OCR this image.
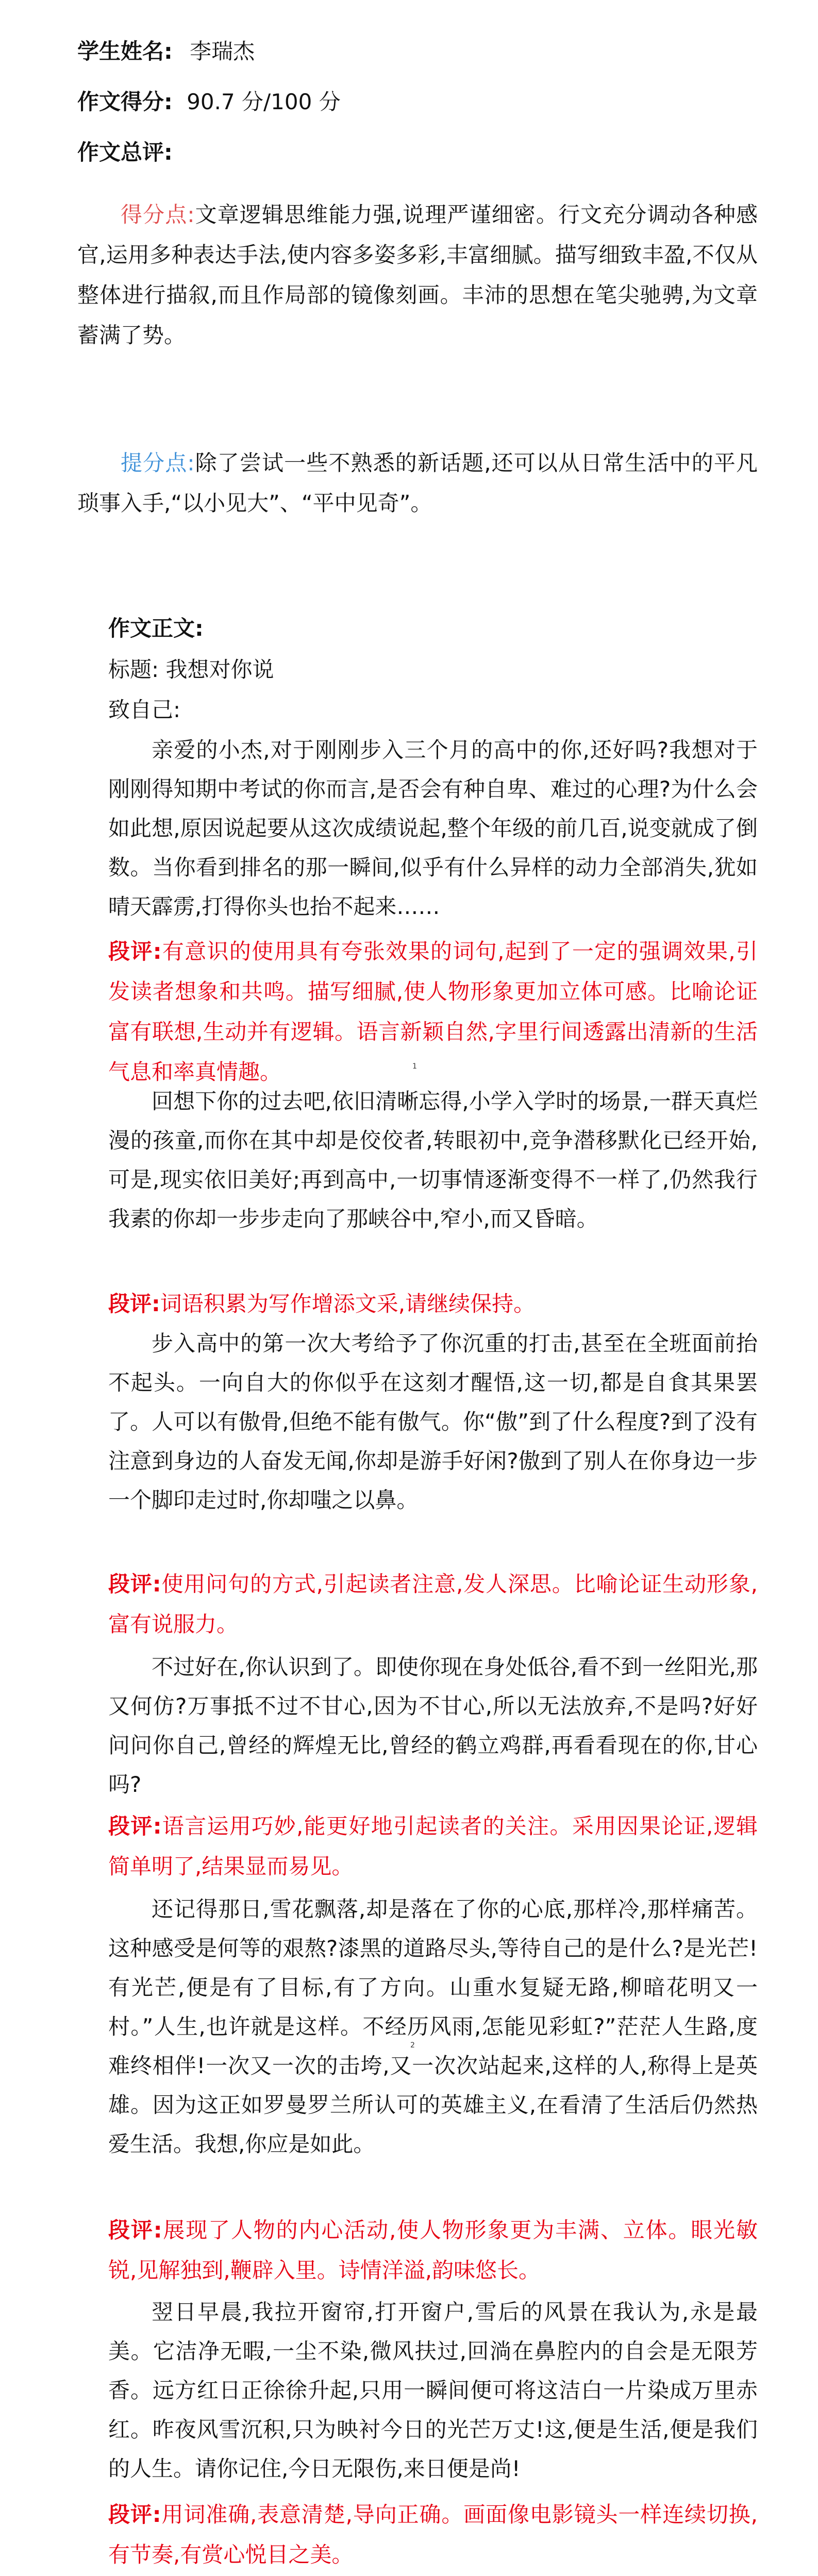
学生姓名: 李瑞杰
作文得分: 90.7 分/100 分
作文总评:
得分点:文章逻辑思维能力强,说理严谨细密。行文充分调动各种感官,运用多种表达手法,使内容多姿多彩,丰富细腻。描写细致丰盈,不仅从整体进行描叙,而且作局部的镜像刻画。丰沛的思想在笔尖驰骋,为文章蓄满了势。
提分点:除了尝试一些不熟悉的新话题,还可以从日常生活中的平凡琐事入手,“以小见大”、“平中见奇”。
作文正文:
标题: 我想对你说
致自己:
亲爱的小杰,对于刚刚步入三个月的高中的你,还好吗?我想对于刚刚得知期中考试的你而言,是否会有种自卑、难过的心理?为什么会如此想,原因说起要从这次成绩说起,整个年级的前几百,说变就成了倒数。当你看到排名的那一瞬间,似乎有什么异样的动力全部消失,犹如晴天霹雳,打得你头也抬不起来……
段评:有意识的使用具有夸张效果的词句,起到了一定的强调效果,引发读者想象和共鸣。描写细腻,使人物形象更加立体可感。比喻论证富有联想,生动并有逻辑。语言新颖自然,字里行间透露出清新的生活气息和率真情趣。	1
回想下你的过去吧,依旧清晰忘得,小学入学时的场景,一群天真烂漫的孩童,而你在其中却是佼佼者,转眼初中,竞争潜移默化已经开始,可是,现实依旧美好;再到高中,一切事情逐渐变得不一样了,仍然我行我素的你却一步步走向了那峡谷中,窄小,而又昏暗。
段评:词语积累为写作增添文采,请继续保持。
步入高中的第一次大考给予了你沉重的打击,甚至在全班面前抬不起头。一向自大的你似乎在这刻才醒悟,这一切,都是自食其果罢了。人可以有傲骨,但绝不能有傲气。你“傲”到了什么程度?到了没有注意到身边的人奋发无闻,你却是游手好闲?傲到了别人在你身边一步一个脚印走过时,你却嗤之以鼻。
段评:使用问句的方式,引起读者注意,发人深思。比喻论证生动形象,富有说服力。
不过好在,你认识到了。即使你现在身处低谷,看不到一丝阳光,那又何仿?万事抵不过不甘心,因为不甘心,所以无法放弃,不是吗?好好问问你自己,曾经的辉煌无比,曾经的鹤立鸡群,再看看现在的你,甘心吗?
段评:语言运用巧妙,能更好地引起读者的关注。采用因果论证,逻辑简单明了,结果显而易见。
还记得那日,雪花飘落,却是落在了你的心底,那样冷,那样痛苦。这种感受是何等的艰熬?漆黑的道路尽头,等待自己的是什么?是光芒!有光芒,便是有了目标,有了方向。山重水复疑无路,柳暗花明又一村。”人生,也许就是这样。不经历风雨,怎能见彩虹?”茫茫人生路,度难终相伴!一次又一次的击垮,又一次次站起来,这样的人,称得上是英雄。因为这正如罗曼罗兰所认可的英雄主义,在看清了生活后仍然热爱生活。我想,你应是如此。
2
段评:展现了人物的内心活动,使人物形象更为丰满、立体。眼光敏锐,见解独到,鞭辟入里。诗情洋溢,韵味悠长。
翌日早晨,我拉开窗帘,打开窗户,雪后的风景在我认为,永是最美。它洁净无暇,一尘不染,微风扶过,回淌在鼻腔内的自会是无限芳香。远方红日正徐徐升起,只用一瞬间便可将这洁白一片染成万里赤红。昨夜风雪沉积,只为映衬今日的光芒万丈!这,便是生活,便是我们的人生。请你记住,今日无限伤,来日便是尚!
段评:用词准确,表意清楚,导向正确。画面像电影镜头一样连续切换,有节奏,有赏心悦目之美。
